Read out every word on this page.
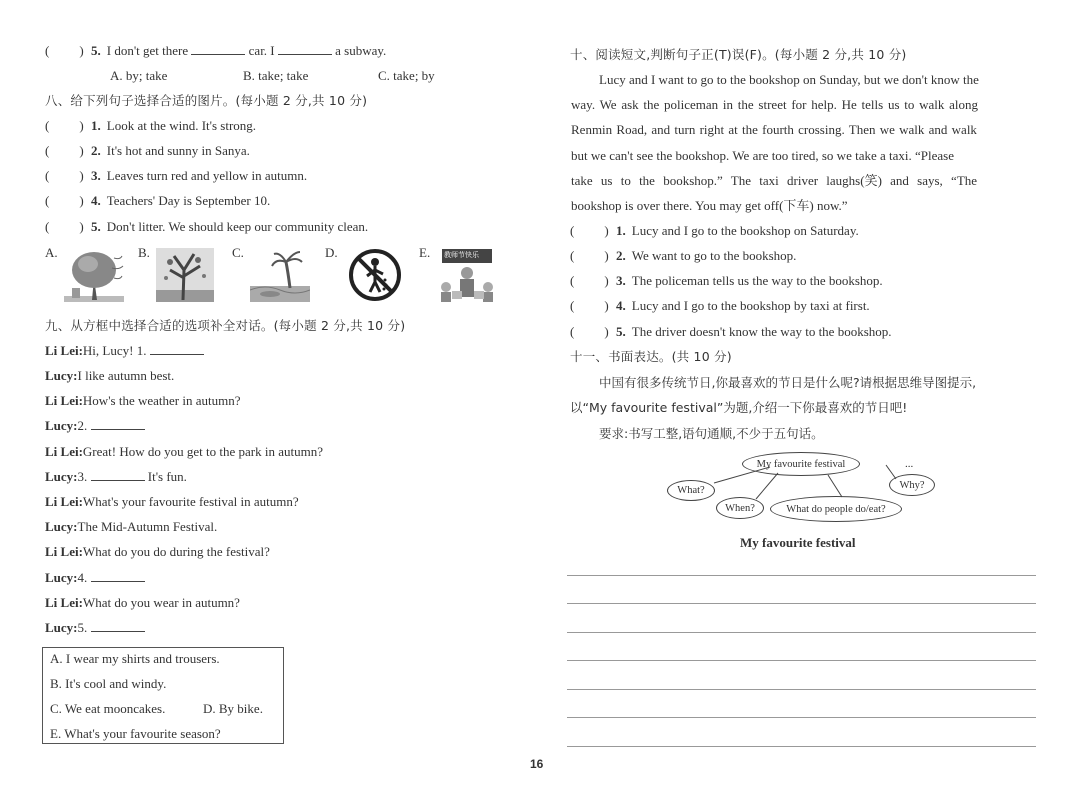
( ) 5. I don't get there	car. I	a subway.
A. by; take	B. take; take	C. take; by
八、给下列句子选择合适的图片。(每小题 2 分,共 10 分)
( ) 1. Look at the wind. It's strong.
( ) 2. It's hot and sunny in Sanya.
( ) 3. Leaves turn red and yellow in autumn.
( ) 4. Teachers' Day is September 10.
( ) 5. Don't litter. We should keep our community clean.
A.	B.	C.	D.	E. 教师节快乐
九、从方框中选择合适的选项补全对话。(每小题 2 分,共 10 分)
Li Lei:Hi, Lucy! 1.
Lucy:I like autumn best.
Li Lei:How's the weather in autumn?
Lucy:2.
Li Lei:Great! How do you get to the park in autumn?
Lucy:3.	It's fun.
Li Lei:What's your favourite festival in autumn?
Lucy:The Mid-Autumn Festival.
Li Lei:What do you do during the festival?
Lucy:4.
Li Lei:What do you wear in autumn?
Lucy:5.
A. I wear my shirts and trousers.
B. It's cool and windy.
C. We eat mooncakes.	D. By bike.
E. What's your favourite season?
十、阅读短文,判断句子正(T)误(F)。(每小题 2 分,共 10 分)
Lucy and I want to go to the bookshop on Sunday, but we don't know the
way. We ask the policeman in the street for help. He tells us to walk along
Renmin Road, and turn right at the fourth crossing. Then we walk and walk
but we can't see the bookshop. We are too tired, so we take a taxi. “Please
take us to the bookshop.” The taxi driver laughs(笑) and says, “The
bookshop is over there. You may get off(下车) now.”
( ) 1. Lucy and I go to the bookshop on Saturday.
( ) 2. We want to go to the bookshop.
( ) 3. The policeman tells us the way to the bookshop.
( ) 4. Lucy and I go to the bookshop by taxi at first.
( ) 5. The driver doesn't know the way to the bookshop.
十一、书面表达。(共 10 分)
中国有很多传统节日,你最喜欢的节日是什么呢?请根据思维导图提示,
以“My favourite festival”为题,介绍一下你最喜欢的节日吧!
要求:书写工整,语句通顺,不少于五句话。
My favourite festival
What?
When?	What do people do/eat?
Why?
...
My favourite festival
16
